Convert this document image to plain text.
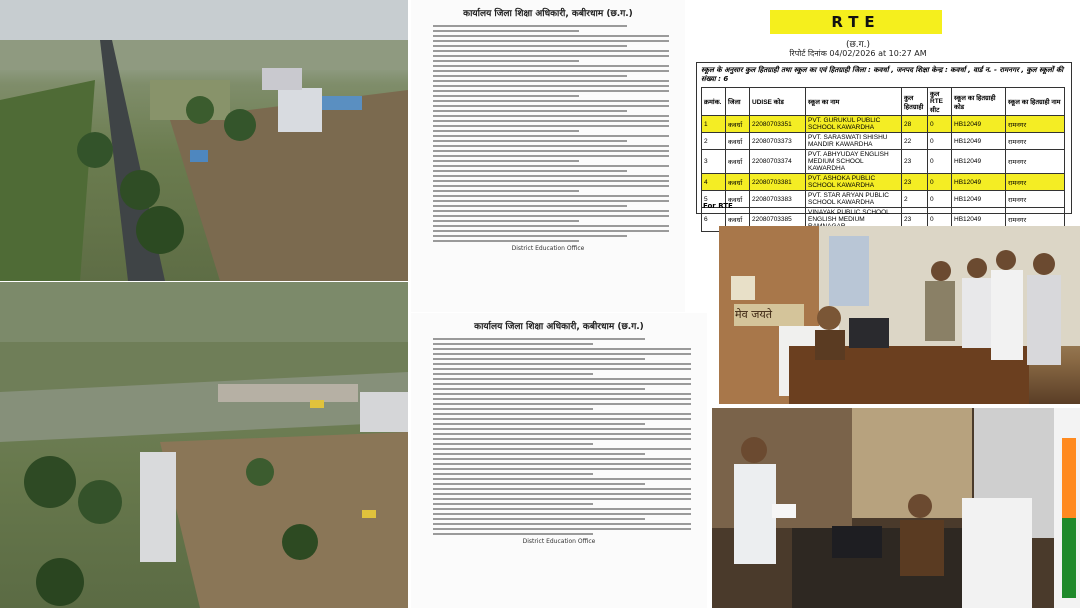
कार्यालय जिला शिक्षा अधिकारी, कबीरधाम (छ.ग.)
District Education Office
कार्यालय जिला शिक्षा अधिकारी, कबीरधाम (छ.ग.)
District Education Office
RTE
(छ.ग.)
रिपोर्ट दिनांक 04/02/2026 at 10:27 AM
स्कूल के अनुसार कुल हितग्राही तथा स्कूल का एवं हितग्राही जिला : कवर्धा , जनपद शिक्षा केन्द्र : कवर्धा , वार्ड न. - रामनगर , कुल स्कूलों की संख्या : 6
क्रमांक.	जिला	UDISE कोड	स्कूल का नाम	कुल हितग्राही	कुल RTE सीट	स्कूल का हितग्राही कोड	स्कूल का हितग्राही नाम
1	कवर्धा	22080703351	PVT. GURUKUL PUBLIC SCHOOL KAWARDHA	28	0	HB12049	रामनगर
2	कवर्धा	22080703373	PVT. SARASWATI SHISHU MANDIR KAWARDHA	22	0	HB12049	रामनगर
3	कवर्धा	22080703374	PVT. ABHYUDAY ENGLISH MEDIUM SCHOOL KAWARDHA	23	0	HB12049	रामनगर
4	कवर्धा	22080703381	PVT. ASHOKA PUBLIC SCHOOL KAWARDHA	23	0	HB12049	रामनगर
5	कवर्धा	22080703383	PVT. STAR ARYAN PUBLIC SCHOOL KAWARDHA	2	0	HB12049	रामनगर
6	कवर्धा	22080703385	VINAYAK PUBLIC SCHOOL ENGLISH MEDIUM	23	0	HB12049	रामनगर
For RTE
मेव जयते
